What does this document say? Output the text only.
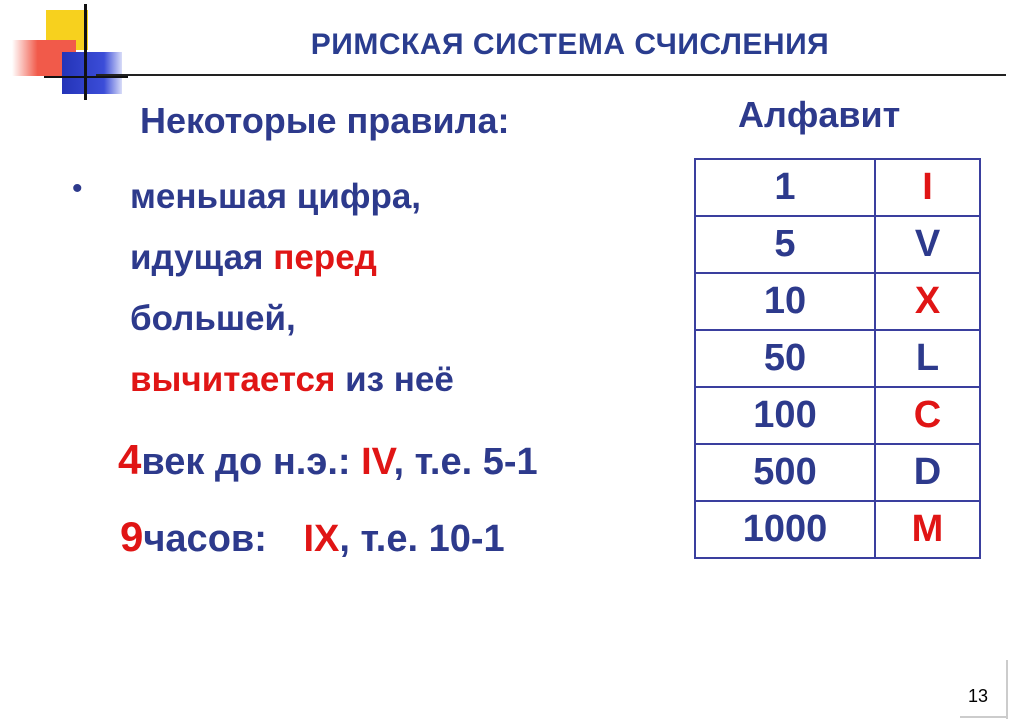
РИМСКАЯ СИСТЕМА СЧИСЛЕНИЯ
Некоторые правила:	Алфавит
• меньшая цифра,
идущая перед
большей,
вычитается из неё
4век до н.э.: IV, т.е. 5-1
9часов: IX, т.е. 10-1
1	I
5	V
10	X
50	L
100	C
500	D
1000	M
13
